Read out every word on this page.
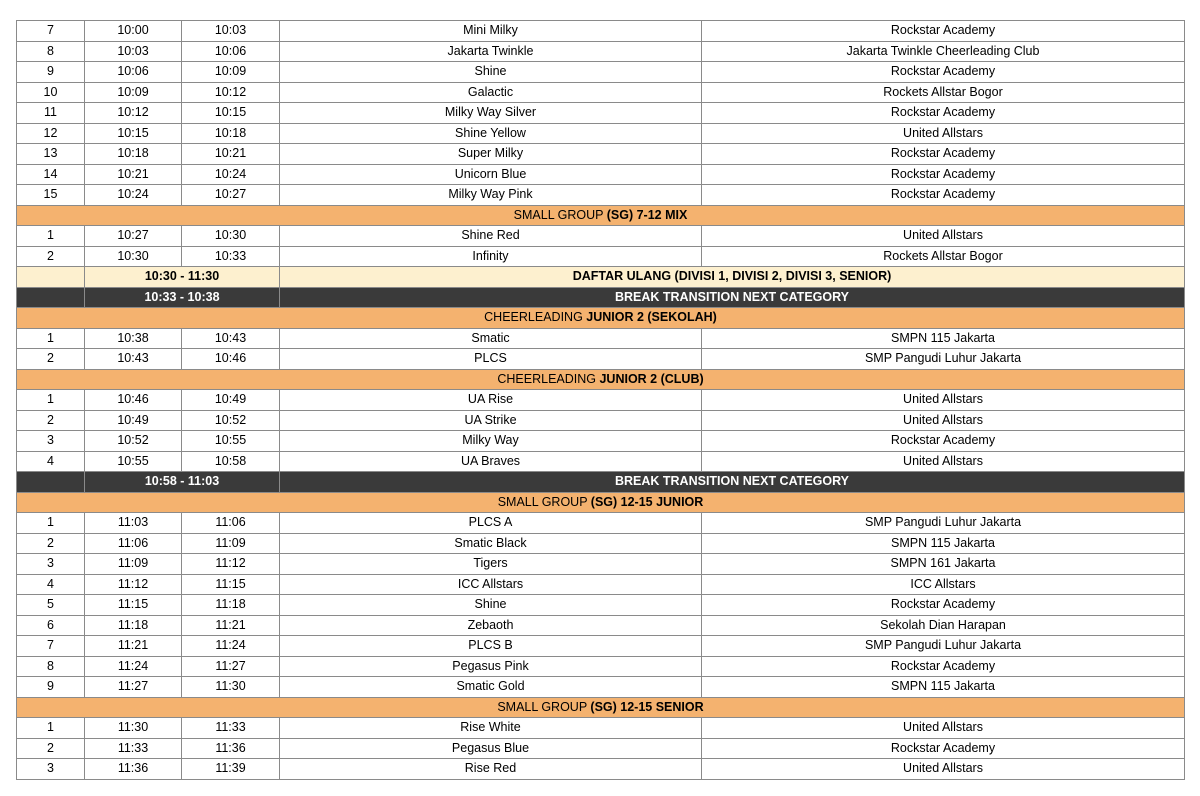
7	10:00	10:03	Mini Milky	Rockstar Academy
8	10:03	10:06	Jakarta Twinkle	Jakarta Twinkle Cheerleading Club
9	10:06	10:09	Shine	Rockstar Academy
10	10:09	10:12	Galactic	Rockets Allstar Bogor
11	10:12	10:15	Milky Way Silver	Rockstar Academy
12	10:15	10:18	Shine Yellow	United Allstars
13	10:18	10:21	Super Milky	Rockstar Academy
14	10:21	10:24	Unicorn Blue	Rockstar Academy
15	10:24	10:27	Milky Way Pink	Rockstar Academy
SMALL GROUP (SG) 7-12 MIX				
1	10:27	10:30	Shine Red	United Allstars
2	10:30	10:33	Infinity	Rockets Allstar Bogor
	10:30 - 11:30		DAFTAR ULANG (DIVISI 1, DIVISI 2, DIVISI 3, SENIOR)	
	10:33 - 10:38		BREAK TRANSITION NEXT CATEGORY	
CHEERLEADING JUNIOR 2 (SEKOLAH)				
1	10:38	10:43	Smatic	SMPN 115 Jakarta
2	10:43	10:46	PLCS	SMP Pangudi Luhur Jakarta
CHEERLEADING JUNIOR 2 (CLUB)				
1	10:46	10:49	UA Rise	United Allstars
2	10:49	10:52	UA Strike	United Allstars
3	10:52	10:55	Milky Way	Rockstar Academy
4	10:55	10:58	UA Braves	United Allstars
	10:58 - 11:03		BREAK TRANSITION NEXT CATEGORY	
SMALL GROUP (SG) 12-15 JUNIOR				
1	11:03	11:06	PLCS A	SMP Pangudi Luhur Jakarta
2	11:06	11:09	Smatic Black	SMPN 115 Jakarta
3	11:09	11:12	Tigers	SMPN 161 Jakarta
4	11:12	11:15	ICC Allstars	ICC Allstars
5	11:15	11:18	Shine	Rockstar Academy
6	11:18	11:21	Zebaoth	Sekolah Dian Harapan
7	11:21	11:24	PLCS B	SMP Pangudi Luhur Jakarta
8	11:24	11:27	Pegasus Pink	Rockstar Academy
9	11:27	11:30	Smatic Gold	SMPN 115 Jakarta
SMALL GROUP (SG) 12-15 SENIOR				
1	11:30	11:33	Rise White	United Allstars
2	11:33	11:36	Pegasus Blue	Rockstar Academy
3	11:36	11:39	Rise Red	United Allstars
